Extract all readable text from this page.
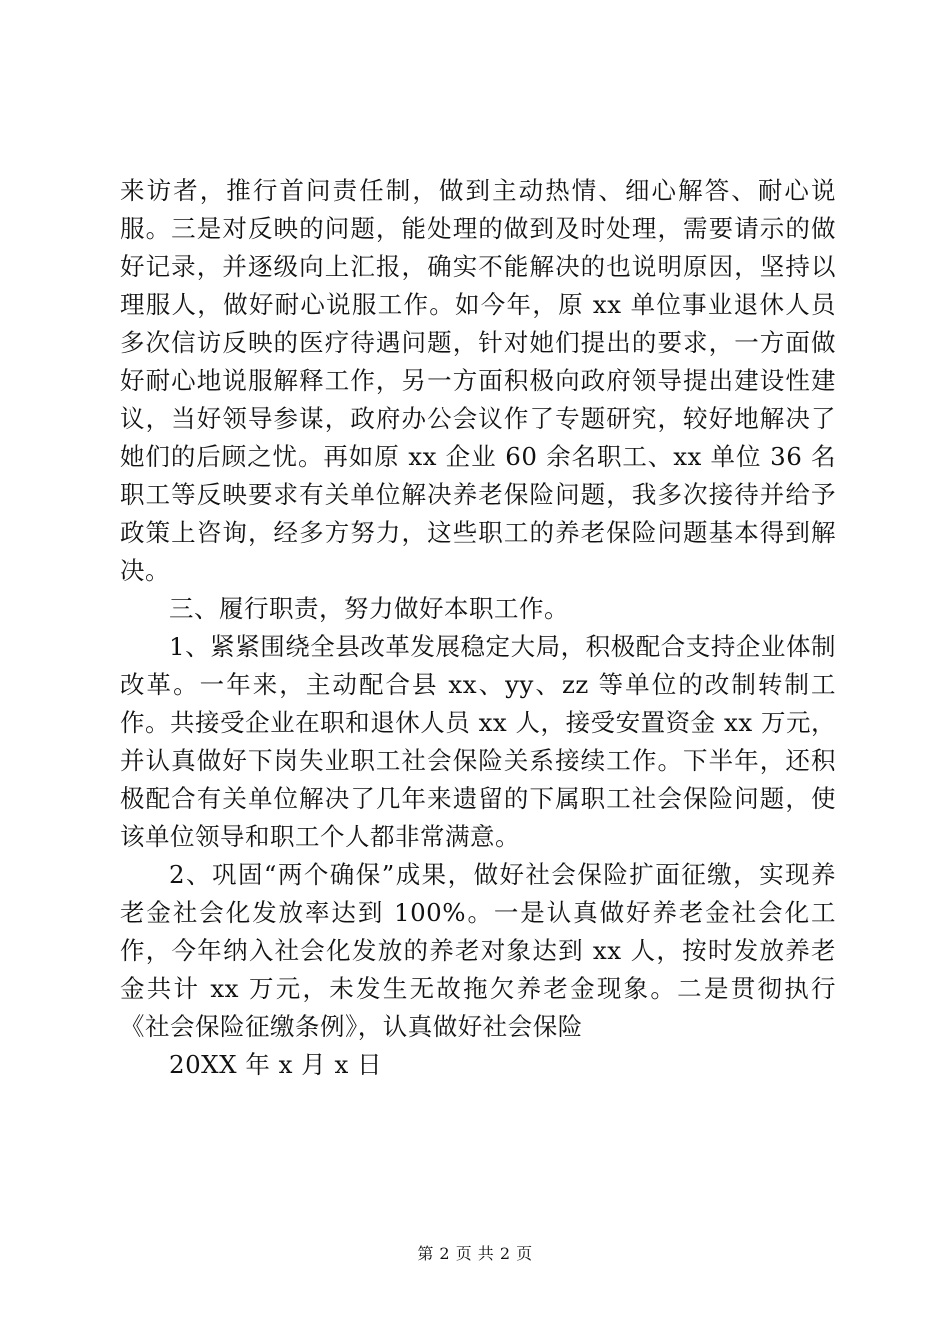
来访者，推行首问责任制，做到主动热情、细心解答、耐心说服。三是对反映的问题，能处理的做到及时处理，需要请示的做好记录，并逐级向上汇报，确实不能解决的也说明原因，坚持以理服人，做好耐心说服工作。如今年，原 xx 单位事业退休人员多次信访反映的医疗待遇问题，针对她们提出的要求，一方面做好耐心地说服解释工作，另一方面积极向政府领导提出建设性建议，当好领导参谋，政府办公会议作了专题研究，较好地解决了她们的后顾之忧。再如原 xx 企业 60 余名职工、xx 单位 36 名职工等反映要求有关单位解决养老保险问题，我多次接待并给予政策上咨询，经多方努力，这些职工的养老保险问题基本得到解决。

三、履行职责，努力做好本职工作。

1、紧紧围绕全县改革发展稳定大局，积极配合支持企业体制改革。一年来，主动配合县 xx、yy、zz 等单位的改制转制工作。共接受企业在职和退休人员 xx 人，接受安置资金 xx 万元，并认真做好下岗失业职工社会保险关系接续工作。下半年，还积极配合有关单位解决了几年来遗留的下属职工社会保险问题，使该单位领导和职工个人都非常满意。

2、巩固“两个确保”成果，做好社会保险扩面征缴，实现养老金社会化发放率达到 100%。一是认真做好养老金社会化工作，今年纳入社会化发放的养老对象达到 xx 人，按时发放养老金共计 xx 万元，未发生无故拖欠养老金现象。二是贯彻执行《社会保险征缴条例》，认真做好社会保险

20XX 年 x 月 x 日

第 2 页 共 2 页
